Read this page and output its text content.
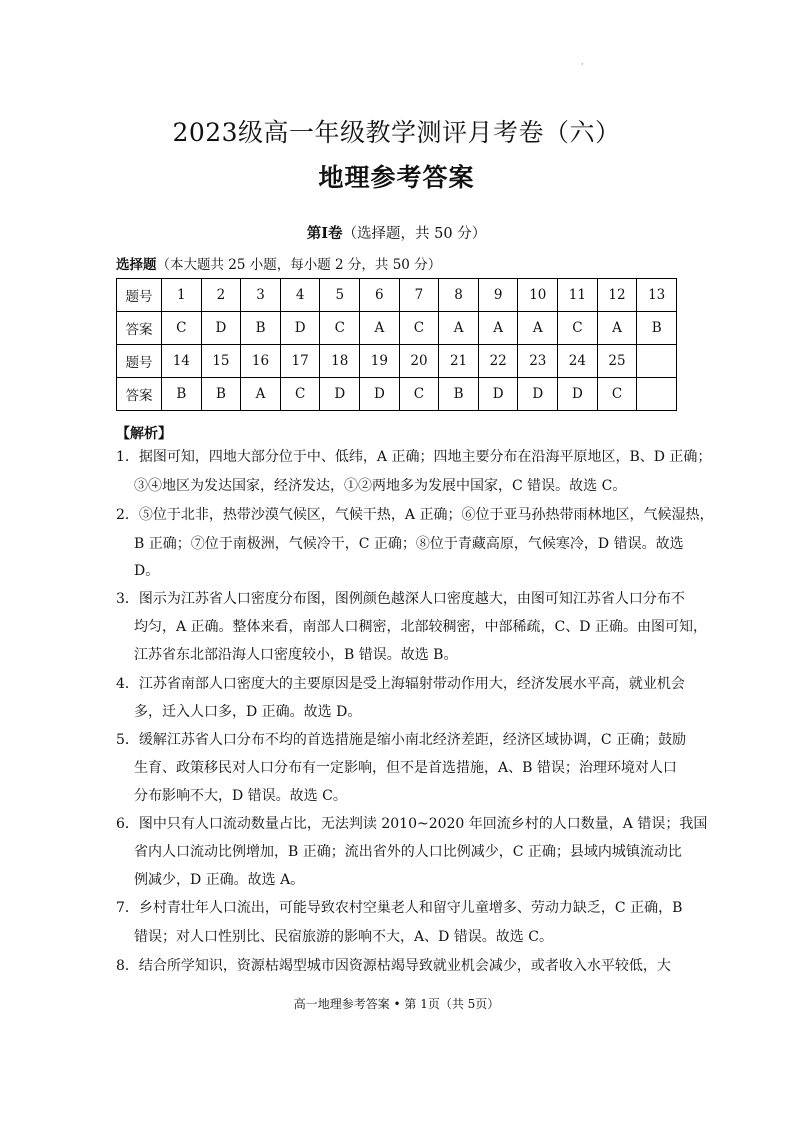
·
2023级高一年级教学测评月考卷（六）
地理参考答案
第Ⅰ卷（选择题，共 50 分）
选择题（本大题共 25 小题，每小题 2 分，共 50 分）
题号	1	2	3	4	5	6	7	8	9	10	11	12	13
答案	C	D	B	D	C	A	C	A	A	A	C	A	B
题号	14	15	16	17	18	19	20	21	22	23	24	25	
答案	B	B	A	C	D	D	C	B	D	D	D	C	
【解析】
1．据图可知，四地大部分位于中、低纬，A 正确；四地主要分布在沿海平原地区，B、D 正确；
③④地区为发达国家，经济发达，①②两地多为发展中国家，C 错误。故选 C。
2．⑤位于北非，热带沙漠气候区，气候干热，A 正确；⑥位于亚马孙热带雨林地区，气候湿热，
B 正确；⑦位于南极洲，气候冷干，C 正确；⑧位于青藏高原，气候寒冷，D 错误。故选
D。
3．图示为江苏省人口密度分布图，图例颜色越深人口密度越大，由图可知江苏省人口分布不
均匀，A 正确。整体来看，南部人口稠密，北部较稠密，中部稀疏，C、D 正确。由图可知，
江苏省东北部沿海人口密度较小，B 错误。故选 B。
4．江苏省南部人口密度大的主要原因是受上海辐射带动作用大，经济发展水平高，就业机会
多，迁入人口多，D 正确。故选 D。
5．缓解江苏省人口分布不均的首选措施是缩小南北经济差距，经济区域协调，C 正确；鼓励
生育、政策移民对人口分布有一定影响，但不是首选措施，A、B 错误；治理环境对人口
分布影响不大，D 错误。故选 C。
6．图中只有人口流动数量占比，无法判读 2010~2020 年回流乡村的人口数量，A 错误；我国
省内人口流动比例增加，B 正确；流出省外的人口比例减少，C 正确；县域内城镇流动比
例减少，D 正确。故选 A。
7．乡村青壮年人口流出，可能导致农村空巢老人和留守儿童增多、劳动力缺乏，C 正确，B
错误；对人口性别比、民宿旅游的影响不大，A、D 错误。故选 C。
8．结合所学知识，资源枯竭型城市因资源枯竭导致就业机会减少，或者收入水平较低，大
高一地理参考答案 • 第 1页（共 5页）
